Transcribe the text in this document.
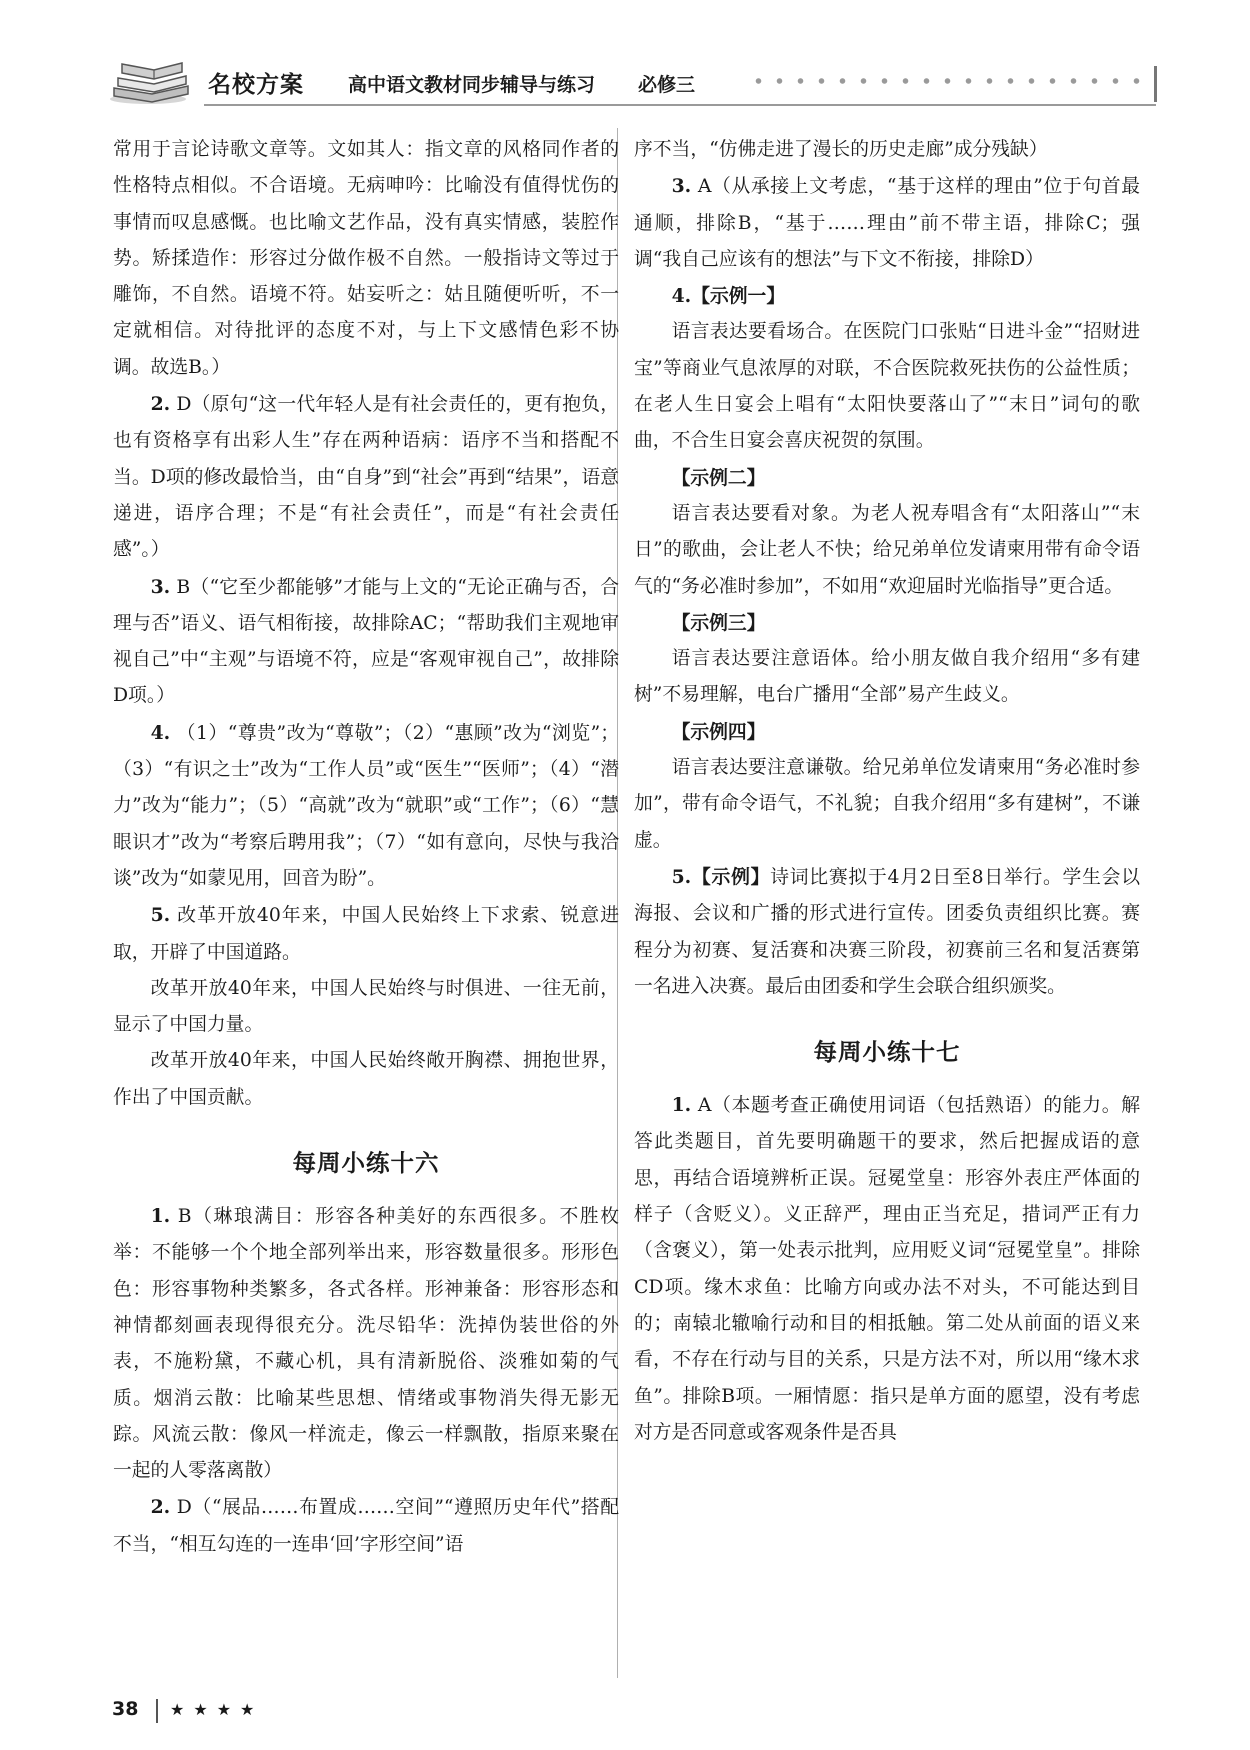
名校方案 高中语文教材同步辅导与练习 必修三

常用于言论诗歌文章等。文如其人：指文章的风格同作者的性格特点相似。不合语境。无病呻吟：比喻没有值得忧伤的事情而叹息感慨。也比喻文艺作品，没有真实情感，装腔作势。矫揉造作：形容过分做作极不自然。一般指诗文等过于雕饰，不自然。语境不符。姑妄听之：姑且随便听听，不一定就相信。对待批评的态度不对，与上下文感情色彩不协调。故选B。）

2. D（原句“这一代年轻人是有社会责任的，更有抱负，也有资格享有出彩人生”存在两种语病：语序不当和搭配不当。D项的修改最恰当，由“自身”到“社会”再到“结果”，语意递进，语序合理；不是“有社会责任”，而是“有社会责任感”。）

3. B（“它至少都能够”才能与上文的“无论正确与否，合理与否”语义、语气相衔接，故排除AC；“帮助我们主观地审视自己”中“主观”与语境不符，应是“客观审视自己”，故排除D项。）

4. （1）“尊贵”改为“尊敬”；（2）“惠顾”改为“浏览”；（3）“有识之士”改为“工作人员”或“医生”“医师”；（4）“潜力”改为“能力”；（5）“高就”改为“就职”或“工作”；（6）“慧眼识才”改为“考察后聘用我”；（7）“如有意向，尽快与我洽谈”改为“如蒙见用，回音为盼”。

5. 改革开放40年来，中国人民始终上下求索、锐意进取，开辟了中国道路。

改革开放40年来，中国人民始终与时俱进、一往无前，显示了中国力量。

改革开放40年来，中国人民始终敞开胸襟、拥抱世界，作出了中国贡献。

每周小练十六

1. B（琳琅满目：形容各种美好的东西很多。不胜枚举：不能够一个个地全部列举出来，形容数量很多。形形色色：形容事物种类繁多，各式各样。形神兼备：形容形态和神情都刻画表现得很充分。洗尽铅华：洗掉伪装世俗的外表，不施粉黛，不藏心机，具有清新脱俗、淡雅如菊的气质。烟消云散：比喻某些思想、情绪或事物消失得无影无踪。风流云散：像风一样流走，像云一样飘散，指原来聚在一起的人零落离散）

2. D（“展品……布置成……空间”“遵照历史年代”搭配不当，“相互勾连的一连串‘回’字形空间”语

序不当，“仿佛走进了漫长的历史走廊”成分残缺）

3. A（从承接上文考虑，“基于这样的理由”位于句首最通顺，排除B，“基于……理由”前不带主语，排除C；强调“我自己应该有的想法”与下文不衔接，排除D）

4.【示例一】

语言表达要看场合。在医院门口张贴“日进斗金”“招财进宝”等商业气息浓厚的对联，不合医院救死扶伤的公益性质；在老人生日宴会上唱有“太阳快要落山了”“末日”词句的歌曲，不合生日宴会喜庆祝贺的氛围。

【示例二】

语言表达要看对象。为老人祝寿唱含有“太阳落山”“末日”的歌曲，会让老人不快；给兄弟单位发请柬用带有命令语气的“务必准时参加”，不如用“欢迎届时光临指导”更合适。

【示例三】

语言表达要注意语体。给小朋友做自我介绍用“多有建树”不易理解，电台广播用“全部”易产生歧义。

【示例四】

语言表达要注意谦敬。给兄弟单位发请柬用“务必准时参加”，带有命令语气，不礼貌；自我介绍用“多有建树”，不谦虚。

5.【示例】诗词比赛拟于4月2日至8日举行。学生会以海报、会议和广播的形式进行宣传。团委负责组织比赛。赛程分为初赛、复活赛和决赛三阶段，初赛前三名和复活赛第一名进入决赛。最后由团委和学生会联合组织颁奖。

每周小练十七

1. A（本题考查正确使用词语（包括熟语）的能力。解答此类题目，首先要明确题干的要求，然后把握成语的意思，再结合语境辨析正误。冠冕堂皇：形容外表庄严体面的样子（含贬义）。义正辞严，理由正当充足，措词严正有力（含褒义），第一处表示批判，应用贬义词“冠冕堂皇”。排除CD项。缘木求鱼：比喻方向或办法不对头，不可能达到目的；南辕北辙喻行动和目的相抵触。第二处从前面的语义来看，不存在行动与目的关系，只是方法不对，所以用“缘木求鱼”。排除B项。一厢情愿：指只是单方面的愿望，没有考虑对方是否同意或客观条件是否具

38 ★★★★
